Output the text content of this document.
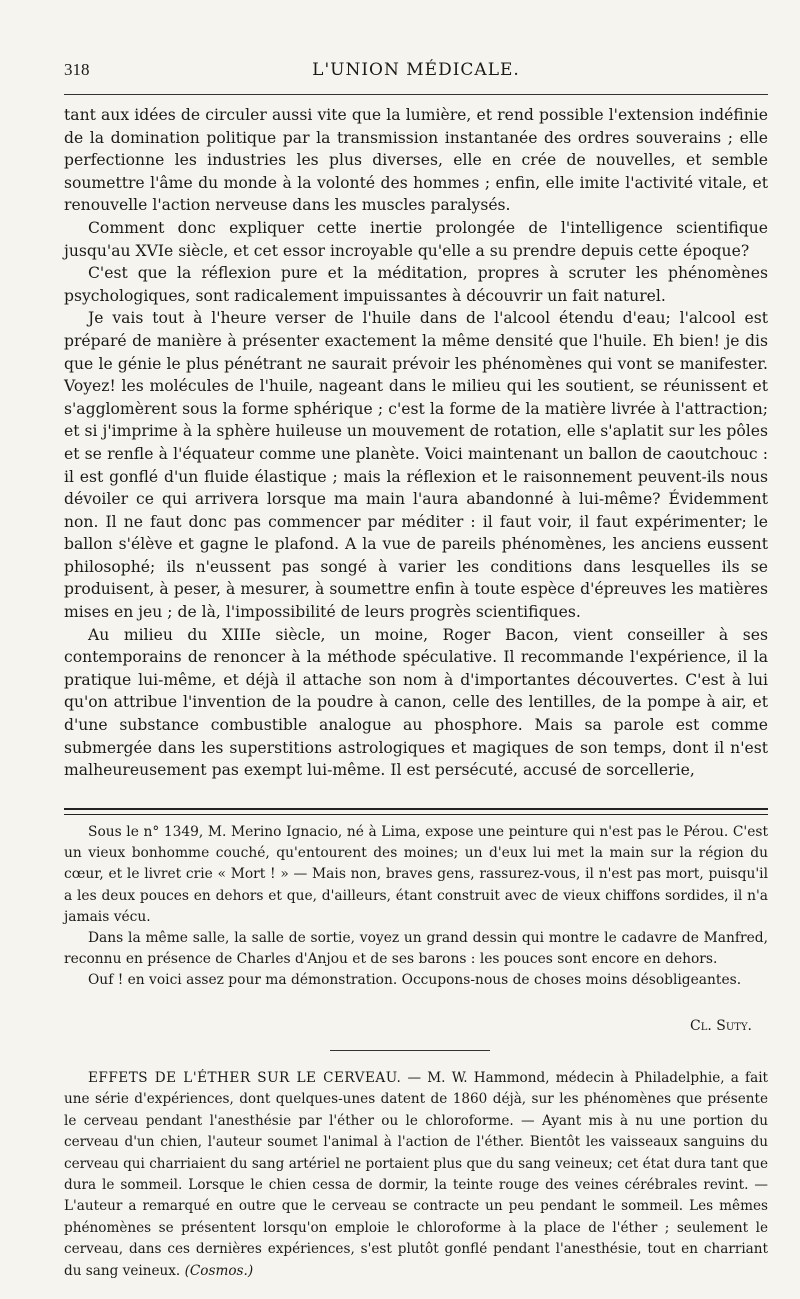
318	L'UNION MÉDICALE.

tant aux idées de circuler aussi vite que la lumière, et rend possible l'extension indéfinie de la domination politique par la transmission instantanée des ordres souverains ; elle perfectionne les industries les plus diverses, elle en crée de nouvelles, et semble soumettre l'âme du monde à la volonté des hommes ; enfin, elle imite l'activité vitale, et renouvelle l'action nerveuse dans les muscles paralysés.

Comment donc expliquer cette inertie prolongée de l'intelligence scientifique jusqu'au XVIe siècle, et cet essor incroyable qu'elle a su prendre depuis cette époque?

C'est que la réflexion pure et la méditation, propres à scruter les phénomènes psychologiques, sont radicalement impuissantes à découvrir un fait naturel.

Je vais tout à l'heure verser de l'huile dans de l'alcool étendu d'eau; l'alcool est préparé de manière à présenter exactement la même densité que l'huile. Eh bien! je dis que le génie le plus pénétrant ne saurait prévoir les phénomènes qui vont se manifester. Voyez! les molécules de l'huile, nageant dans le milieu qui les soutient, se réunissent et s'agglomèrent sous la forme sphérique ; c'est la forme de la matière livrée à l'attraction; et si j'imprime à la sphère huileuse un mouvement de rotation, elle s'aplatit sur les pôles et se renfle à l'équateur comme une planète. Voici maintenant un ballon de caoutchouc : il est gonflé d'un fluide élastique ; mais la réflexion et le raisonnement peuvent-ils nous dévoiler ce qui arrivera lorsque ma main l'aura abandonné à lui-même? Évidemment non. Il ne faut donc pas commencer par méditer : il faut voir, il faut expérimenter; le ballon s'élève et gagne le plafond. A la vue de pareils phénomènes, les anciens eussent philosophé; ils n'eussent pas songé à varier les conditions dans lesquelles ils se produisent, à peser, à mesurer, à soumettre enfin à toute espèce d'épreuves les matières mises en jeu ; de là, l'impossibilité de leurs progrès scientifiques.

Au milieu du XIIIe siècle, un moine, Roger Bacon, vient conseiller à ses contemporains de renoncer à la méthode spéculative. Il recommande l'expérience, il la pratique lui-même, et déjà il attache son nom à d'importantes découvertes. C'est à lui qu'on attribue l'invention de la poudre à canon, celle des lentilles, de la pompe à air, et d'une substance combustible analogue au phosphore. Mais sa parole est comme submergée dans les superstitions astrologiques et magiques de son temps, dont il n'est malheureusement pas exempt lui-même. Il est persécuté, accusé de sorcellerie,

Sous le n° 1349, M. Merino Ignacio, né à Lima, expose une peinture qui n'est pas le Pérou. C'est un vieux bonhomme couché, qu'entourent des moines; un d'eux lui met la main sur la région du cœur, et le livret crie « Mort ! » — Mais non, braves gens, rassurez-vous, il n'est pas mort, puisqu'il a les deux pouces en dehors et que, d'ailleurs, étant construit avec de vieux chiffons sordides, il n'a jamais vécu.

Dans la même salle, la salle de sortie, voyez un grand dessin qui montre le cadavre de Manfred, reconnu en présence de Charles d'Anjou et de ses barons : les pouces sont encore en dehors.

Ouf ! en voici assez pour ma démonstration. Occupons-nous de choses moins désobligeantes.

Cl. Suty.

EFFETS DE L'ÉTHER SUR LE CERVEAU. — M. W. Hammond, médecin à Philadelphie, a fait une série d'expériences, dont quelques-unes datent de 1860 déjà, sur les phénomènes que présente le cerveau pendant l'anesthésie par l'éther ou le chloroforme. — Ayant mis à nu une portion du cerveau d'un chien, l'auteur soumet l'animal à l'action de l'éther. Bientôt les vaisseaux sanguins du cerveau qui charriaient du sang artériel ne portaient plus que du sang veineux; cet état dura tant que dura le sommeil. Lorsque le chien cessa de dormir, la teinte rouge des veines cérébrales revint. — L'auteur a remarqué en outre que le cerveau se contracte un peu pendant le sommeil. Les mêmes phénomènes se présentent lorsqu'on emploie le chloroforme à la place de l'éther ; seulement le cerveau, dans ces dernières expériences, s'est plutôt gonflé pendant l'anesthésie, tout en charriant du sang veineux. (Cosmos.)
